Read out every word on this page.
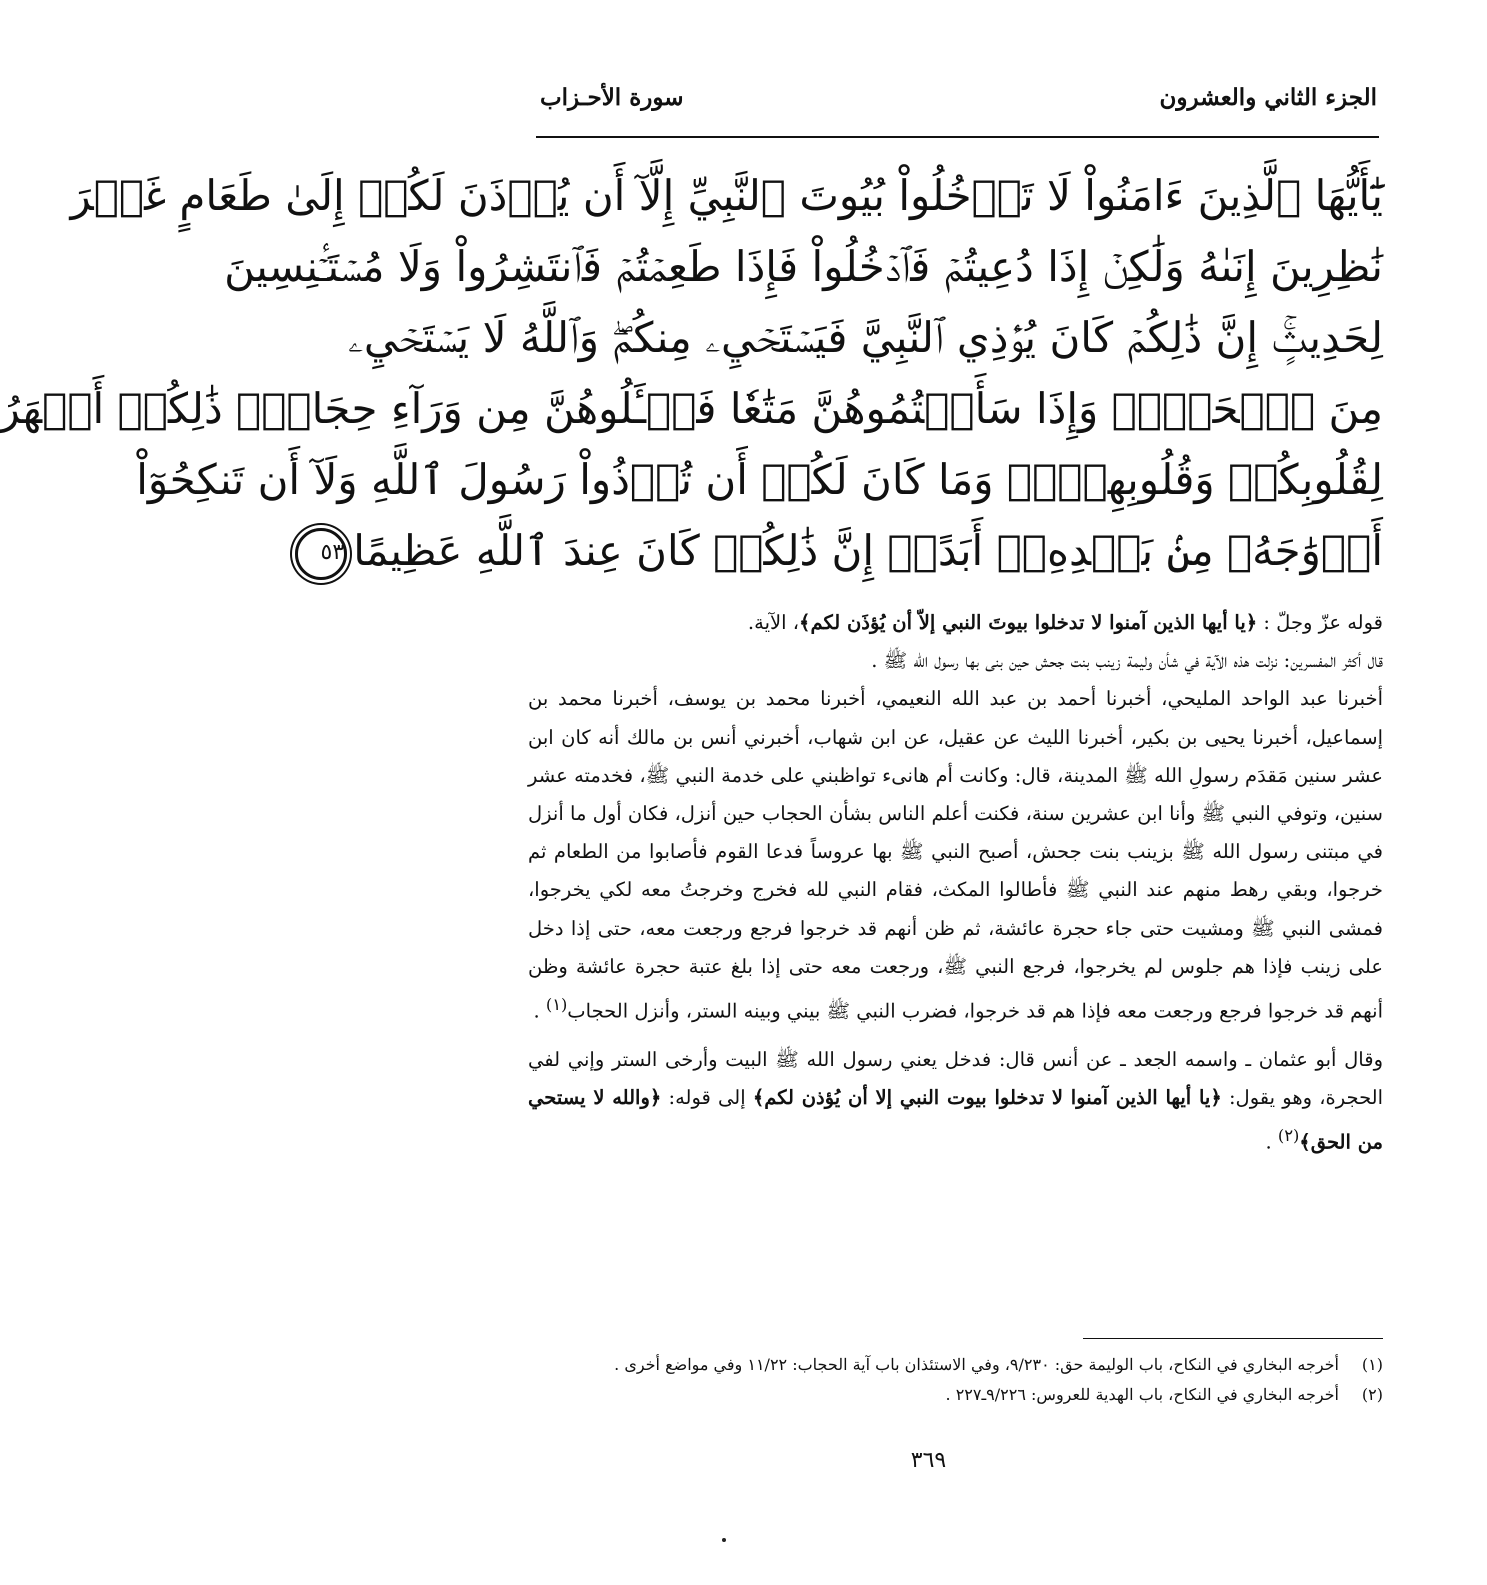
الجزء الثاني والعشرون
سورة الأحـزاب
يَٰٓأَيُّهَا ٱلَّذِينَ ءَامَنُواْ لَا تَدۡخُلُواْ بُيُوتَ ٱلنَّبِيِّ إِلَّآ أَن يُؤۡذَنَ لَكُمۡ إِلَىٰ طَعَامٍ غَيۡرَ
نَٰظِرِينَ إِنَىٰهُ وَلَٰكِنۡ إِذَا دُعِيتُمۡ فَٱدۡخُلُواْ فَإِذَا طَعِمۡتُمۡ فَٱنتَشِرُواْ وَلَا مُسۡتَـٔۡنِسِينَ
لِحَدِيثٍۚ إِنَّ ذَٰلِكُمۡ كَانَ يُؤۡذِي ٱلنَّبِيَّ فَيَسۡتَحۡيِۦ مِنكُمۡۖ وَٱللَّهُ لَا يَسۡتَحۡيِۦ
مِنَ ٱلۡحَقِّۚ وَإِذَا سَأَلۡتُمُوهُنَّ مَتَٰعٗا فَسۡـَٔلُوهُنَّ مِن وَرَآءِ حِجَابٖۚ ذَٰلِكُمۡ أَطۡهَرُ
لِقُلُوبِكُمۡ وَقُلُوبِهِنَّۚ وَمَا كَانَ لَكُمۡ أَن تُؤۡذُواْ رَسُولَ ٱللَّهِ وَلَآ أَن تَنكِحُوٓاْ
أَزۡوَٰجَهُۥ مِنۢ بَعۡدِهِۦٓ أَبَدًاۚ إِنَّ ذَٰلِكُمۡ كَانَ عِندَ ٱللَّهِ عَظِيمًا٥٣

قوله عزّ وجلّ : ﴿يا أيها الذين آمنوا لا تدخلوا بيوتَ النبي إلاّ أن يُؤذَن لكم﴾، الآية.

قال أكثر المفسرين: نزلت هذه الآية في شأن وليمة زينب بنت جحش حين بنى بها رسول الله ﷺ .

أخبرنا عبد الواحد المليحي، أخبرنا أحمد بن عبد الله النعيمي، أخبرنا محمد بن يوسف، أخبرنا محمد بن إسماعيل، أخبرنا يحيى بن بكير، أخبرنا الليث عن عقيل، عن ابن شهاب، أخبرني أنس بن مالك أنه كان ابن عشر سنين مَقدَم رسولِ الله ﷺ المدينة، قال: وكانت أم هانىء تواظبني على خدمة النبي ﷺ، فخدمته عشر سنين، وتوفي النبي ﷺ وأنا ابن عشرين سنة، فكنت أعلم الناس بشأن الحجاب حين أنزل، فكان أول ما أنزل في مبتنى رسول الله ﷺ بزينب بنت جحش، أصبح النبي ﷺ بها عروساً فدعا القوم فأصابوا من الطعام ثم خرجوا، وبقي رهط منهم عند النبي ﷺ فأطالوا المكث، فقام النبي لله فخرج وخرجتُ معه لكي يخرجوا، فمشى النبي ﷺ ومشيت حتى جاء حجرة عائشة، ثم ظن أنهم قد خرجوا فرجع ورجعت معه، حتى إذا دخل على زينب فإذا هم جلوس لم يخرجوا، فرجع النبي ﷺ، ورجعت معه حتى إذا بلغ عتبة حجرة عائشة وظن أنهم قد خرجوا فرجع ورجعت معه فإذا هم قد خرجوا، فضرب النبي ﷺ بيني وبينه الستر، وأنزل الحجاب$^{(١)}$ .

وقال أبو عثمان ـ واسمه الجعد ـ عن أنس قال: فدخل يعني رسول الله ﷺ البيت وأرخى الستر وإني لفي الحجرة، وهو يقول: ﴿يا أيها الذين آمنوا لا تدخلوا بيوت النبي إلا أن يُؤذن لكم﴾ إلى قوله: ﴿والله لا يستحي من الحق﴾$^{(٢)}$ .

(١)أخرجه البخاري في النكاح، باب الوليمة حق: ٩/٢٣٠، وفي الاستئذان باب آية الحجاب: ١١/٢٢ وفي مواضع أخرى .
(٢)أخرجه البخاري في النكاح، باب الهدية للعروس: ٩/٢٢٦ـ٢٢٧ .
٣٦٩
